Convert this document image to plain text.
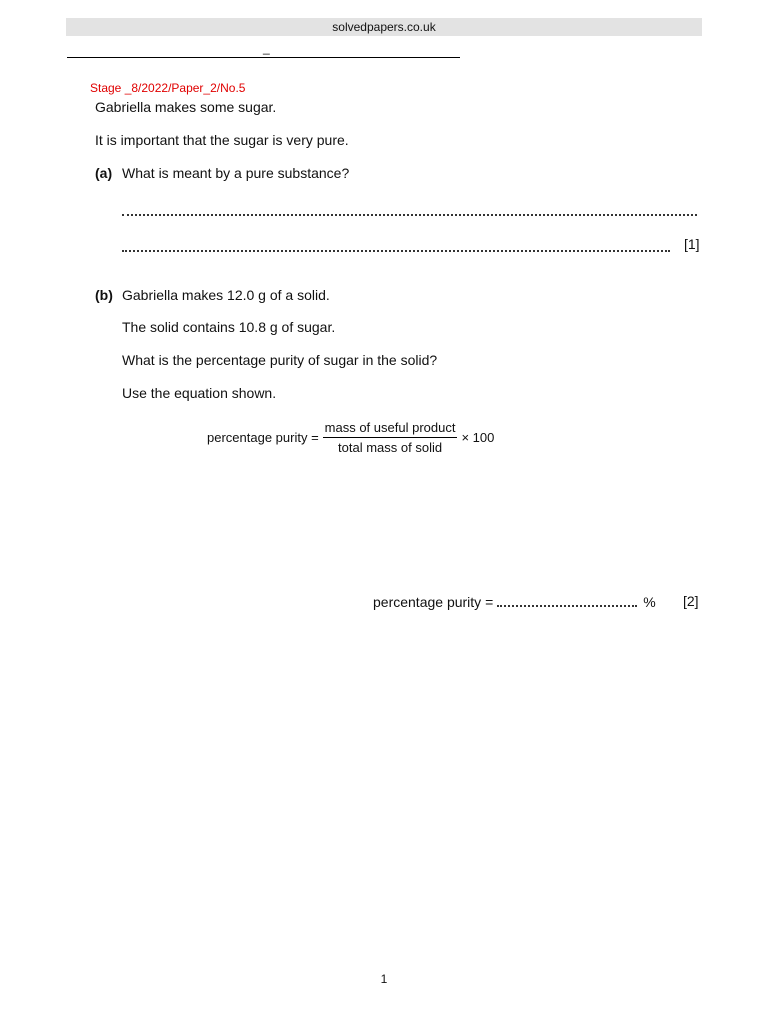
solvedpapers.co.uk
_
Stage _8/2022/Paper_2/No.5
Gabriella makes some sugar.
It is important that the sugar is very pure.
(a) What is meant by a pure substance?
[1]
(b) Gabriella makes 12.0 g of a solid.
The solid contains 10.8 g of sugar.
What is the percentage purity of sugar in the solid?
Use the equation shown.
percentage purity = $\frac{\text{mass of useful product}}{\text{total mass of solid}} \times 100$
percentage purity =	% [2]
1
